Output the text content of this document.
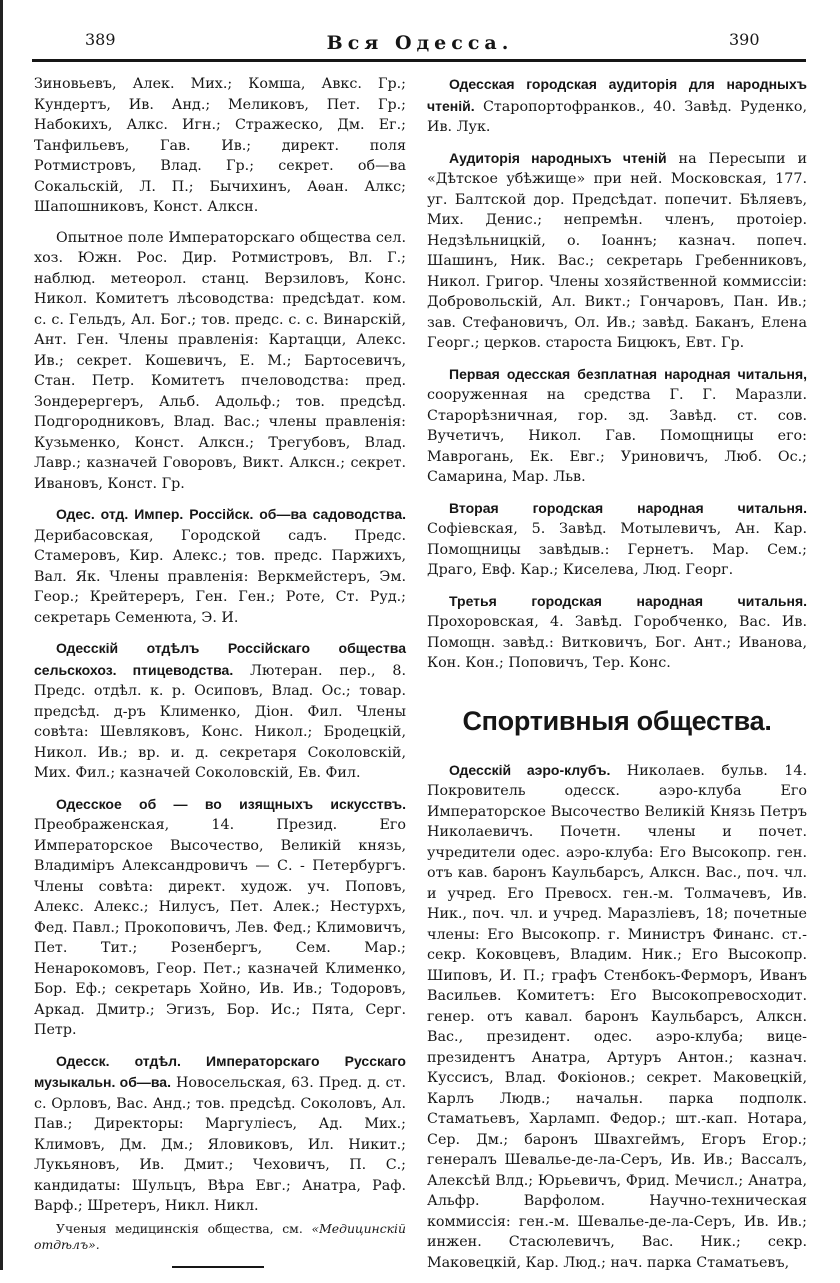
389	Вся Одесса.	390

Зиновьевъ, Алек. Мих.; Комша, Авкс. Гр.; Кундертъ, Ив. Анд.; Меликовъ, Пет. Гр.; Набокихъ, Алкс. Игн.; Стражеско, Дм. Ег.; Танфильевъ, Гав. Ив.; директ. поля Ротмистровъ, Влад. Гр.; секрет. об—ва Сокальскій, Л. П.; Бычихинъ, Аѳан. Алкс; Шапошниковъ, Конст. Алксн.

Опытное поле Императорскаго общества сел. хоз. Южн. Рос. Дир. Ротмистровъ, Вл. Г.; наблюд. метеорол. станц. Верзиловъ, Конс. Никол. Комитетъ лѣсоводства: предсѣдат. ком. с. с. Гельдъ, Ал. Бог.; тов. предс. с. с. Винарскій, Ант. Ген. Члены правленія: Картацци, Алекс. Ив.; секрет. Кошевичъ, Е. М.; Бартосевичъ, Стан. Петр. Комитетъ пчеловодства: пред. Зондерергеръ, Альб. Адольф.; тов. предсѣд. Подгородниковъ, Влад. Вас.; члены правленія: Кузьменко, Конст. Алксн.; Трегубовъ, Влад. Лавр.; казначей Говоровъ, Викт. Алксн.; секрет. Ивановъ, Конст. Гр.

Одес. отд. Импер. Россійск. об—ва садоводства. Дерибасовская, Городской садъ. Предс. Стамеровъ, Кир. Алекс.; тов. предс. Паржихъ, Вал. Як. Члены правленія: Веркмейстеръ, Эм. Геор.; Крейтереръ, Ген. Ген.; Роте, Ст. Руд.; секретарь Семенюта, Э. И.

Одесскій отдѣлъ Россійскаго общества сельскохоз. птицеводства. Лютеран. пер., 8. Предс. отдѣл. к. р. Осиповъ, Влад. Ос.; товар. предсѣд. д-ръ Клименко, Діон. Фил. Члены совѣта: Шевляковъ, Конс. Никол.; Бродецкій, Никол. Ив.; вр. и. д. секретаря Соколовскій, Мих. Фил.; казначей Соколовскій, Ев. Фил.

Одесское об — во изящныхъ искусствъ. Преображенская, 14. Презид. Его Императорское Высочество, Великій князь, Владиміръ Александровичъ — С. - Петербургъ. Члены совѣта: директ. худож. уч. Поповъ, Алекс. Алекс.; Нилусъ, Пет. Алек.; Нестурхъ, Фед. Павл.; Прокоповичъ, Лев. Фед.; Климовичъ, Пет. Тит.; Розенбергъ, Сем. Мар.; Ненарокомовъ, Геор. Пет.; казначей Клименко, Бор. Еф.; секретарь Хойно, Ив. Ив.; Тодоровъ, Аркад. Дмитр.; Эгизъ, Бор. Ис.; Пята, Серг. Петр.

Одесск. отдѣл. Императорскаго Русскаго музыкальн. об—ва. Новосельская, 63. Пред. д. ст. с. Орловъ, Вас. Анд.; тов. предсѣд. Соколовъ, Ал. Пав.; Директоры: Маргуліесъ, Ад. Мих.; Климовъ, Дм. Дм.; Яловиковъ, Ил. Никит.; Лукьяновъ, Ив. Дмит.; Чеховичъ, П. С.; кандидаты: Шульцъ, Вѣра Евг.; Анатра, Раф. Варф.; Шретеръ, Никл. Никл.

Ученыя медицинскія общества, см. «Медицинскій отдѣлъ».

Одесская городская аудиторія для народныхъ чтеній. Старопортофранков., 40. Завѣд. Руденко, Ив. Лук.

Аудиторія народныхъ чтеній на Пересыпи и «Дѣтское убѣжище» при ней. Московская, 177. уг. Балтской дор. Предсѣдат. попечит. Бѣляевъ, Мих. Денис.; непремѣн. членъ, протоіер. Недзѣльницкій, о. Іоаннъ; казнач. попеч. Шашинъ, Ник. Вас.; секретарь Гребенниковъ, Никол. Григор. Члены хозяйственной коммиссіи: Добровольскій, Ал. Викт.; Гончаровъ, Пан. Ив.; зав. Стефановичъ, Ол. Ив.; завѣд. Баканъ, Елена Георг.; церков. староста Бицюкъ, Евт. Гр.

Первая одесская безплатная народная читальня, сооруженная на средства Г. Г. Маразли. Старорѣзничная, гор. зд. Завѣд. ст. сов. Вучетичъ, Никол. Гав. Помощницы его: Маврогань, Ек. Евг.; Уриновичъ, Люб. Ос.; Самарина, Мар. Льв.

Вторая городская народная читальня. Софіевская, 5. Завѣд. Мотылевичъ, Ан. Кар. Помощницы завѣдыв.: Гернетъ. Мар. Сем.; Драго, Евф. Кар.; Киселева, Люд. Георг.

Третья городская народная читальня. Прохоровская, 4. Завѣд. Горобченко, Вас. Ив. Помощн. завѣд.: Витковичъ, Бог. Ант.; Иванова, Кон. Кон.; Поповичъ, Тер. Конс.

Спортивныя общества.

Одесскій аэро-клубъ. Николаев. бульв. 14. Покровитель одесск. аэро-клуба Его Императорское Высочество Великій Князь Петръ Николаевичъ. Почетн. члены и почет. учредители одес. аэро-клуба: Его Высокопр. ген. отъ кав. баронъ Каульбарсъ, Алксн. Вас., поч. чл. и учред. Его Превосх. ген.-м. Толмачевъ, Ив. Ник., поч. чл. и учред. Маразліевъ, 18; почетные члены: Его Высокопр. г. Министръ Финанс. ст.-секр. Коковцевъ, Владим. Ник.; Его Высокопр. Шиповъ, И. П.; графъ Стенбокъ-Ферморъ, Иванъ Васильев. Комитетъ: Его Высокопревосходит. генер. отъ кавал. баронъ Каульбарсъ, Алксн. Вас., президент. одес. аэро-клуба; вице-президентъ Анатра, Артуръ Антон.; казнач. Куссисъ, Влад. Фокіонов.; секрет. Маковецкій, Карлъ Людв.; начальн. парка подполк. Стаматьевъ, Харламп. Федор.; шт.-кап. Нотара, Сер. Дм.; баронъ Швахгеймъ, Егоръ Егор.; генералъ Шевалье-де-ла-Серъ, Ив. Ив.; Вассалъ, Алексѣй Влд.; Юрьевичъ, Фрид. Мечисл.; Анатра, Альфр. Варфолом. Научно-техническая коммиссія: ген.-м. Шевалье-де-ла-Серъ, Ив. Ив.; инжен. Стасюлевичъ, Вас. Ник.; секр. Маковецкій, Кар. Люд.; нач. парка Стаматьевъ,
